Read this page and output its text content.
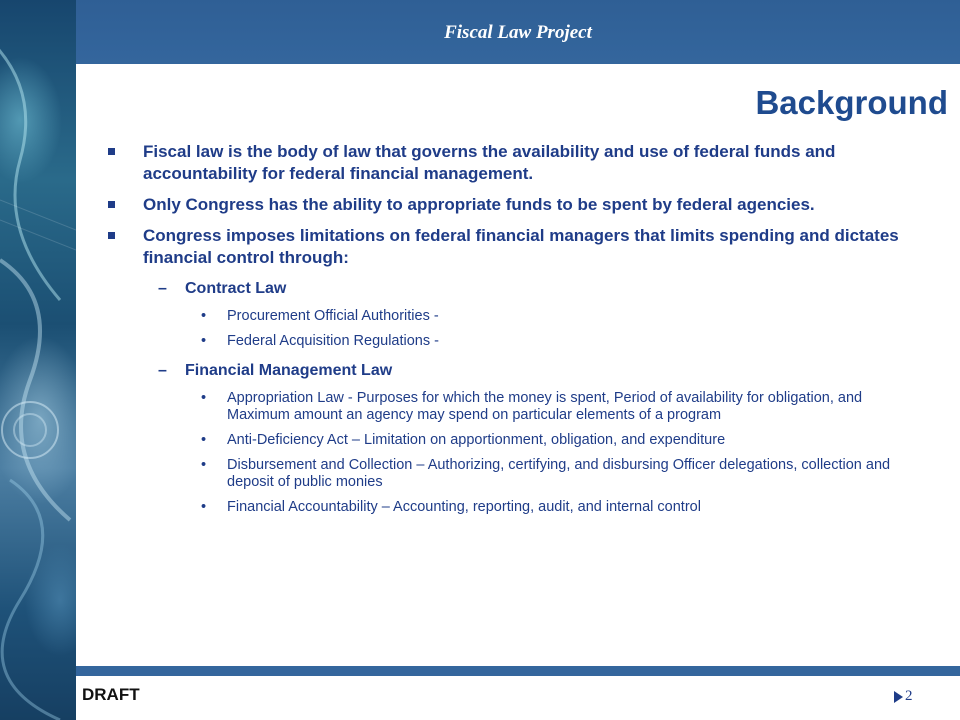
Fiscal Law Project
Background
Fiscal law is the body of law that governs the availability and use of federal funds and accountability for federal financial management.
Only Congress has the ability to appropriate funds to be spent by federal agencies.
Congress imposes limitations on federal financial managers that limits spending and dictates financial control through:
– Contract Law
• Procurement Official Authorities -
• Federal Acquisition Regulations -
– Financial Management Law
• Appropriation Law - Purposes for which the money is spent, Period of availability for obligation, and Maximum amount an agency may spend on particular elements of a program
• Anti-Deficiency Act – Limitation on apportionment, obligation, and expenditure
• Disbursement and Collection – Authorizing, certifying, and disbursing Officer delegations, collection and deposit of public monies
• Financial Accountability – Accounting, reporting, audit, and internal control
DRAFT	2
